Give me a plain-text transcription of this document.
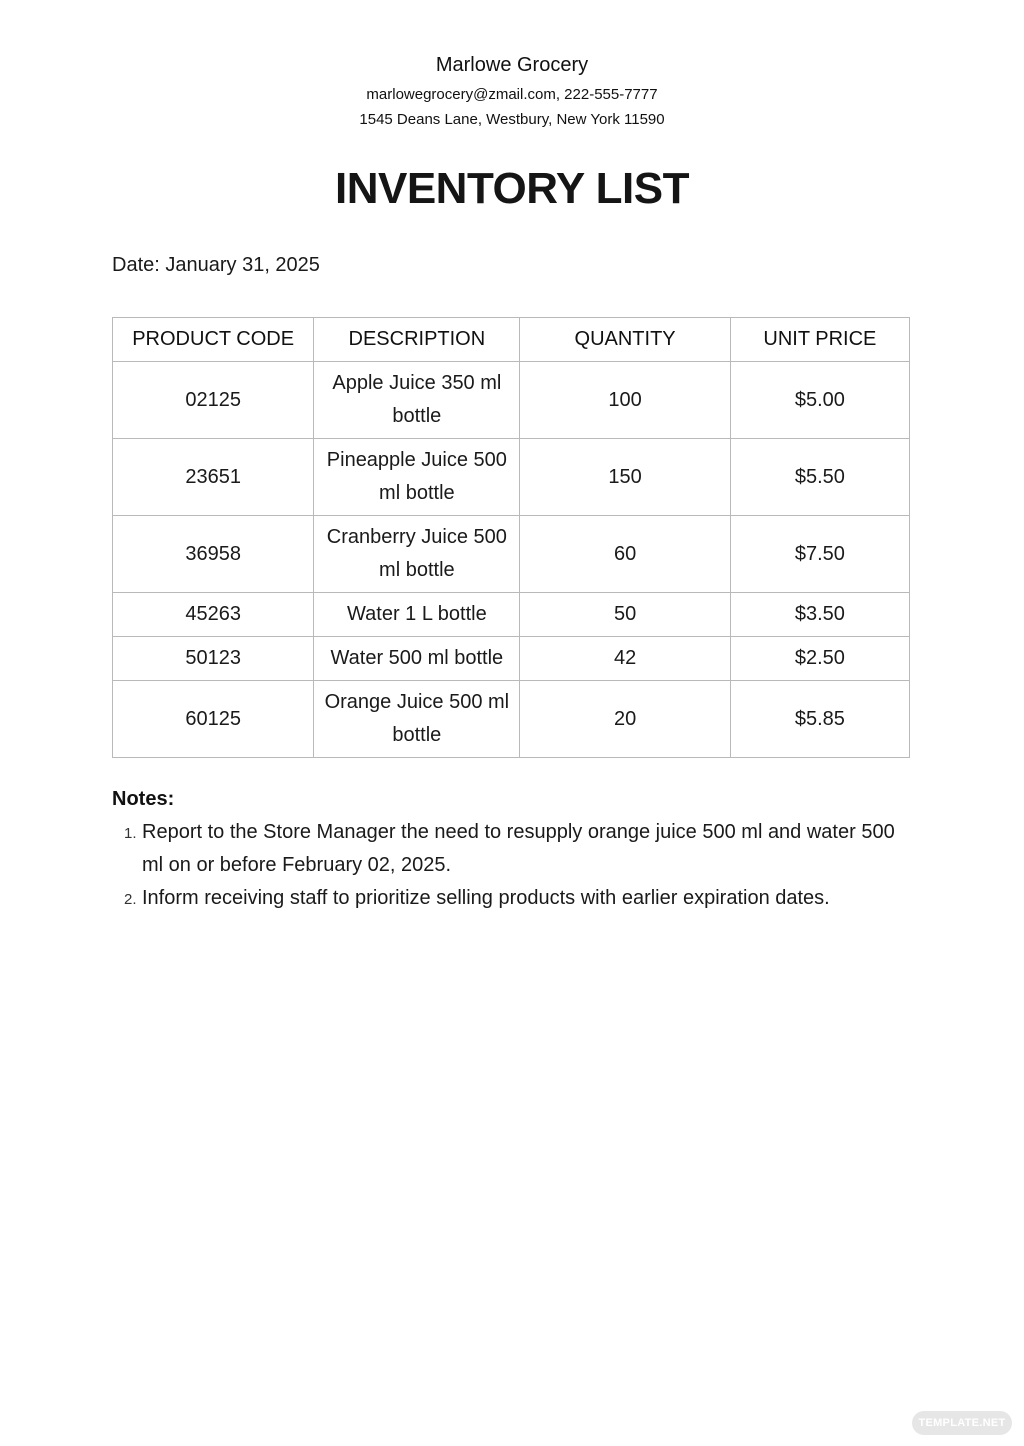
Marlowe Grocery
marlowegrocery@zmail.com, 222-555-7777
1545 Deans Lane, Westbury, New York 11590
INVENTORY LIST
Date: January 31, 2025
PRODUCT CODE	DESCRIPTION	QUANTITY	UNIT PRICE
02125	Apple Juice 350 ml bottle	100	$5.00
23651	Pineapple Juice 500 ml bottle	150	$5.50
36958	Cranberry Juice 500 ml bottle	60	$7.50
45263	Water 1 L bottle	50	$3.50
50123	Water 500 ml bottle	42	$2.50
60125	Orange Juice 500 ml bottle	20	$5.85
Notes:
1. Report to the Store Manager the need to resupply orange juice 500 ml and water 500 ml on or before February 02, 2025.
2. Inform receiving staff to prioritize selling products with earlier expiration dates.
TEMPLATE.NET
